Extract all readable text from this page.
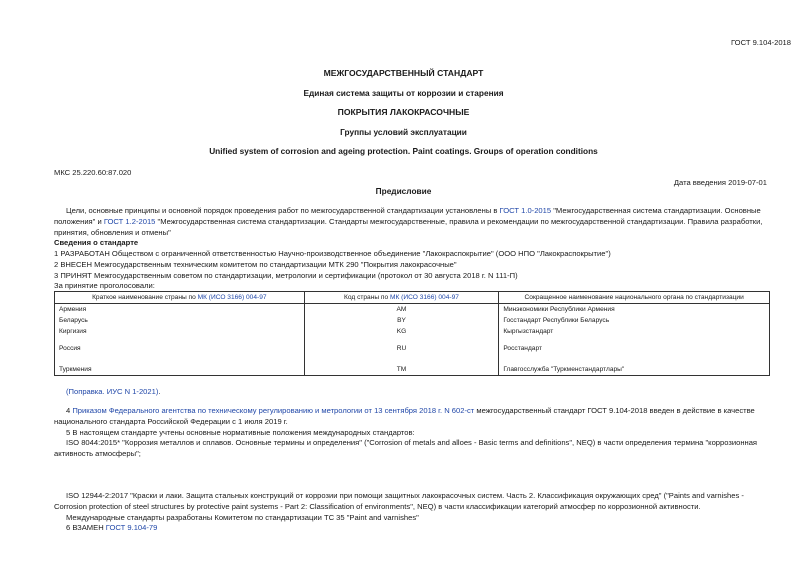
ГОСТ 9.104-2018
МЕЖГОСУДАРСТВЕННЫЙ СТАНДАРТ
Единая система защиты от коррозии и старения
ПОКРЫТИЯ ЛАКОКРАСОЧНЫЕ
Группы условий эксплуатации
Unified system of corrosion and ageing protection. Paint coatings. Groups of operation conditions
МКС 25.220.60:87.020
Дата введения 2019-07-01
Предисловие
Цели, основные принципы и основной порядок проведения работ по межгосударственной стандартизации установлены в ГОСТ 1.0-2015 "Межгосударственная система стандартизации. Основные положения" и ГОСТ 1.2-2015 "Межгосударственная система стандартизации. Стандарты межгосударственные, правила и рекомендации по межгосударственной стандартизации. Правила разработки, принятия, обновления и отмены"
Сведения о стандарте
1 РАЗРАБОТАН Обществом с ограниченной ответственностью Научно-производственное объединение "Лакокраспокрытие" (ООО НПО "Лакокраспокрытие")
2 ВНЕСЕН Межгосударственным техническим комитетом по стандартизации МТК 290 "Покрытия лакокрасочные"
3 ПРИНЯТ Межгосударственным советом по стандартизации, метрологии и сертификации (протокол от 30 августа 2018 г. N 111-П)
За принятие проголосовали:
Краткое наименование страны по МК (ИСО 3166) 004-97	Код страны по МК (ИСО 3166) 004-97	Сокращенное наименование национального органа по стандартизации
Армения	AM	Минэкономики Республики Армения
Беларусь	BY	Госстандарт Республики Беларусь
Киргизия	KG	Кыргызстандарт
Россия	RU	Росстандарт
Туркмения	TM	Главгосслужба "Туркменстандартлары"
(Поправка. ИУС N 1-2021).
4 Приказом Федерального агентства по техническому регулированию и метрологии от 13 сентября 2018 г. N 602-ст межгосударственный стандарт ГОСТ 9.104-2018 введен в действие в качестве национального стандарта Российской Федерации с 1 июля 2019 г.
5 В настоящем стандарте учтены основные нормативные положения международных стандартов:
ISO 8044:2015* "Коррозия металлов и сплавов. Основные термины и определения" ("Corrosion of metals and alloes - Basic terms and definitions", NEQ) в части определения термина "коррозионная активность атмосферы";
ISO 12944-2:2017 "Краски и лаки. Защита стальных конструкций от коррозии при помощи защитных лакокрасочных систем. Часть 2. Классификация окружающих сред" ("Paints and varnishes - Corrosion protection of steel structures by protective paint systems - Part 2: Classification of environments", NEQ) в части классификации категорий атмосфер по коррозионной активности.
Международные стандарты разработаны Комитетом по стандартизации ТС 35 "Paint and varnishes"
6 ВЗАМЕН ГОСТ 9.104-79
